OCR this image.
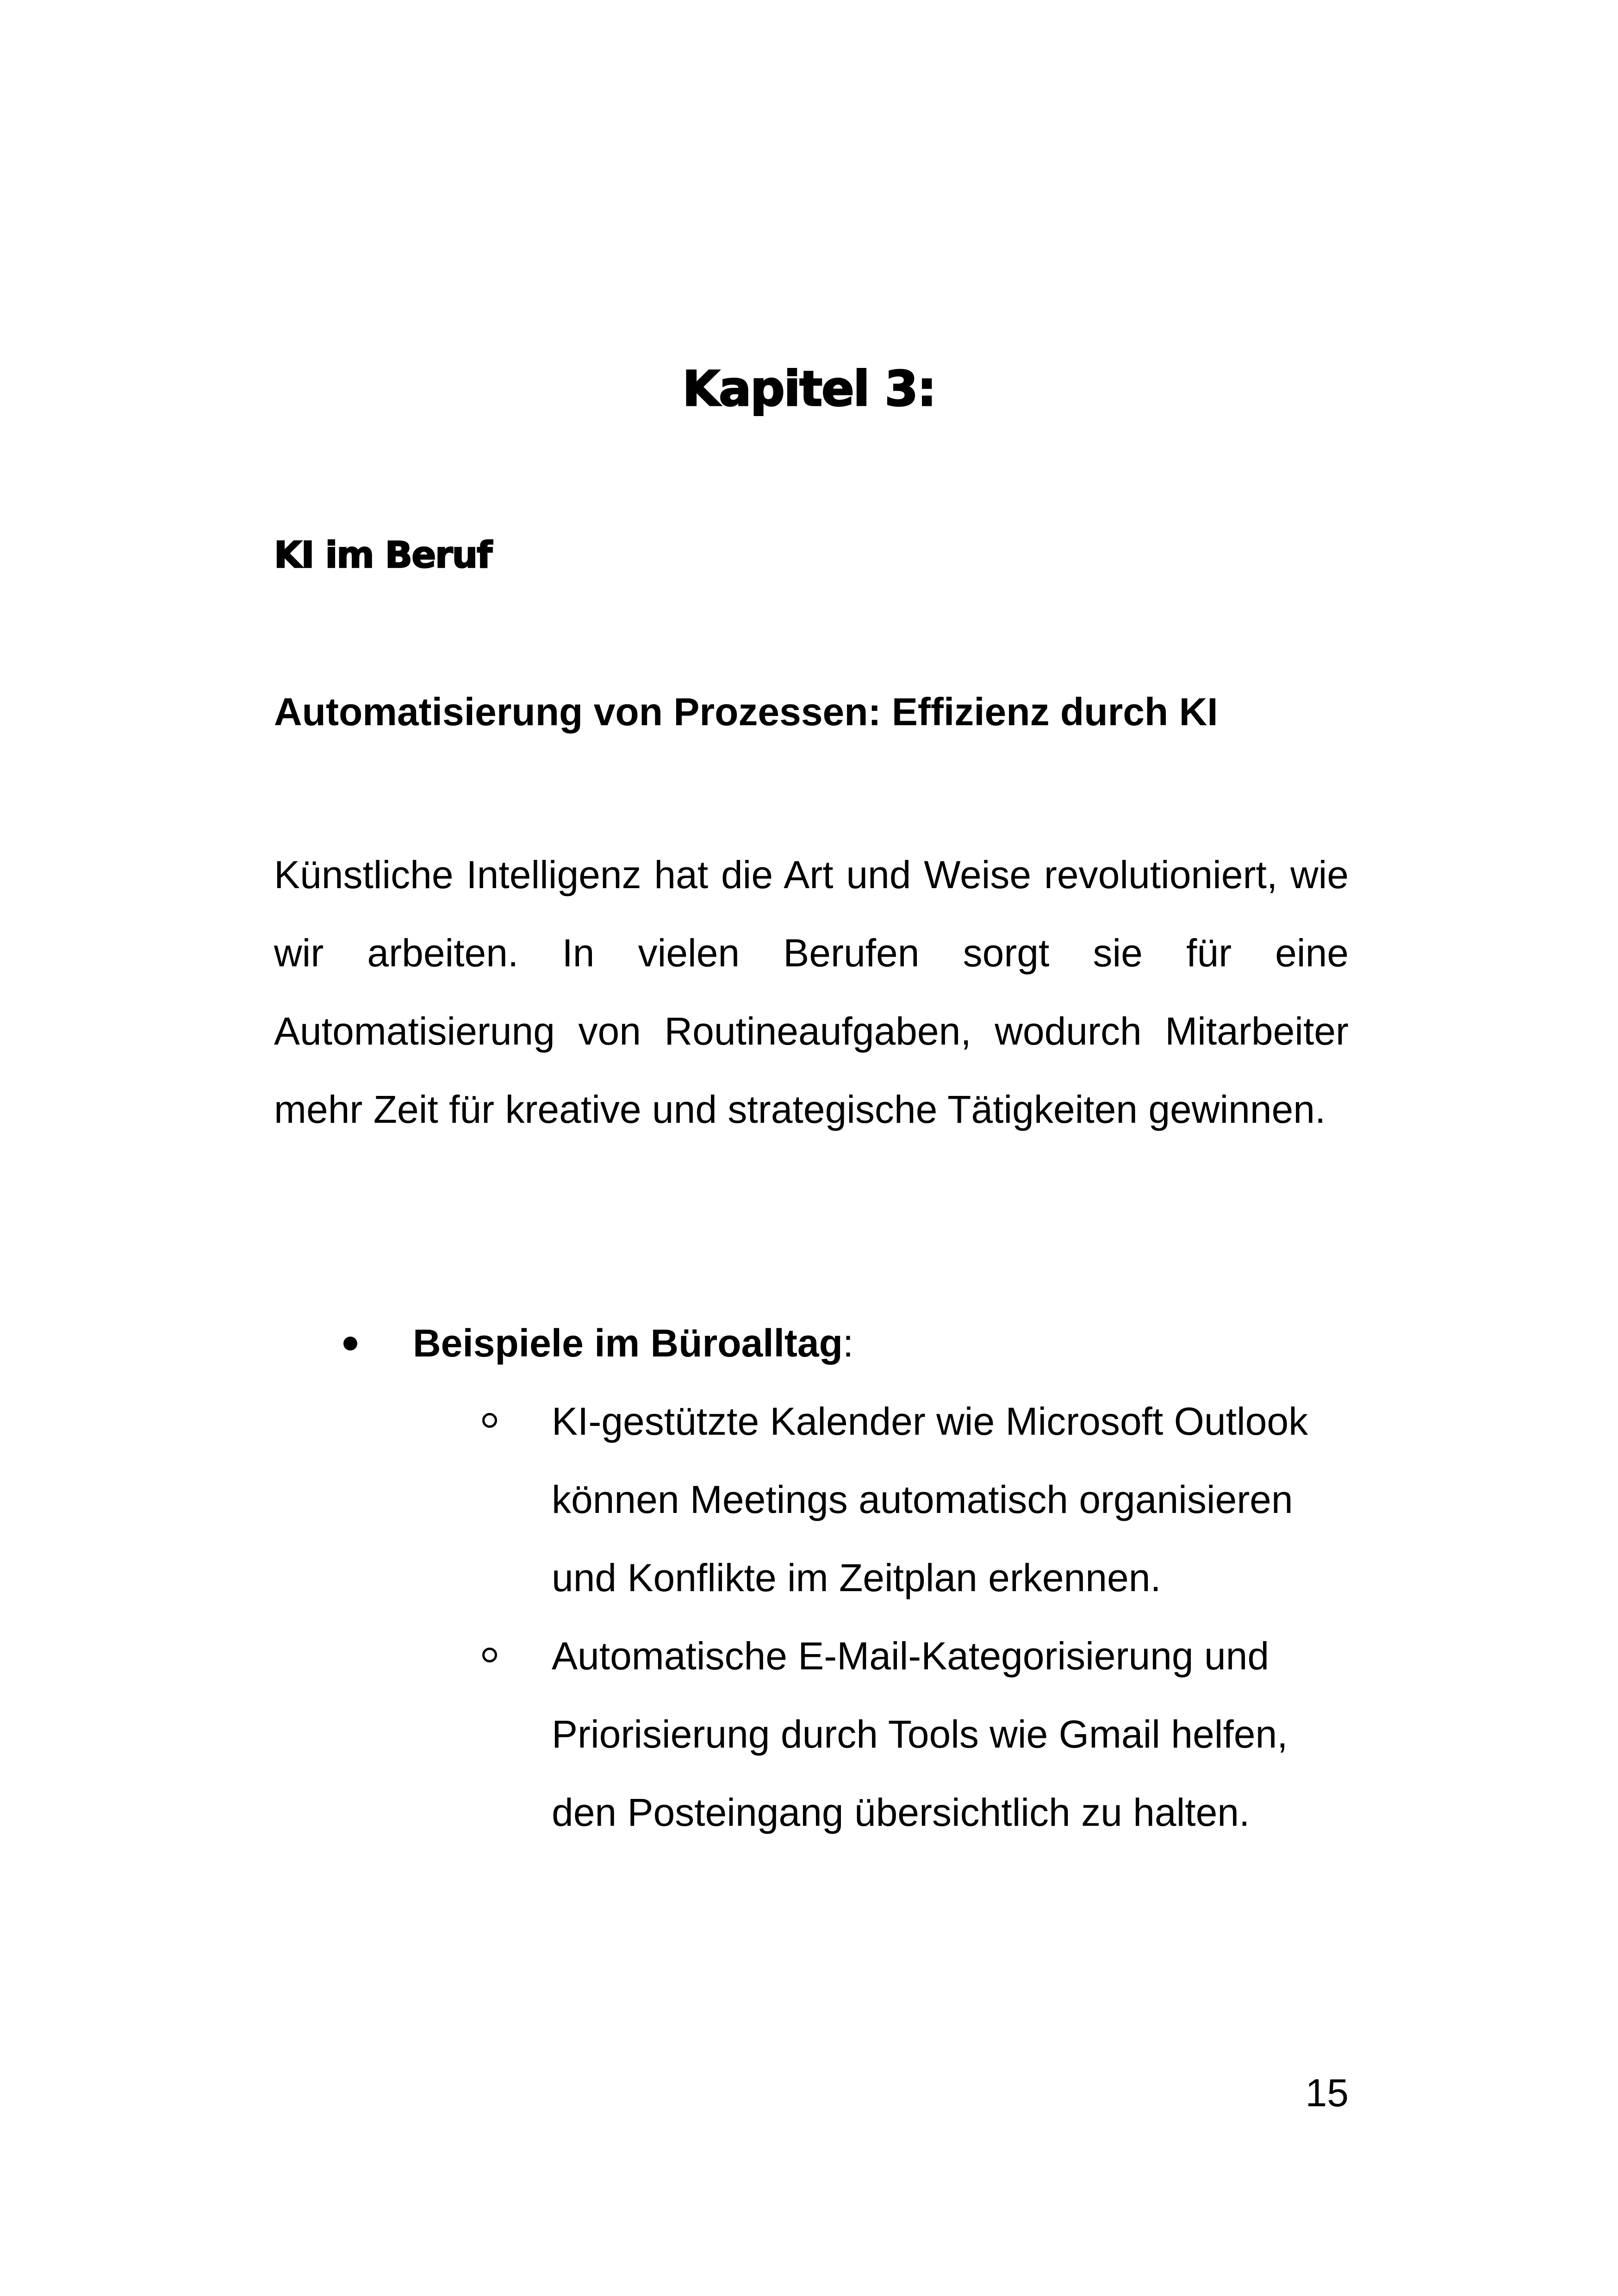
Kapitel 3:
KI im Beruf
Automatisierung von Prozessen: Effizienz durch KI

Künstliche Intelligenz hat die Art und Weise revolutioniert, wie wir arbeiten. In vielen Berufen sorgt sie für eine Automatisierung von Routineaufgaben, wodurch Mitarbeiter mehr Zeit für kreative und strategische Tätigkeiten gewinnen.

Beispiele im Büroalltag:
KI-gestützte Kalender wie Microsoft Outlook können Meetings automatisch organisieren und Konflikte im Zeitplan erkennen.
Automatische E-Mail-Kategorisierung und Priorisierung durch Tools wie Gmail helfen, den Posteingang übersichtlich zu halten.
15
